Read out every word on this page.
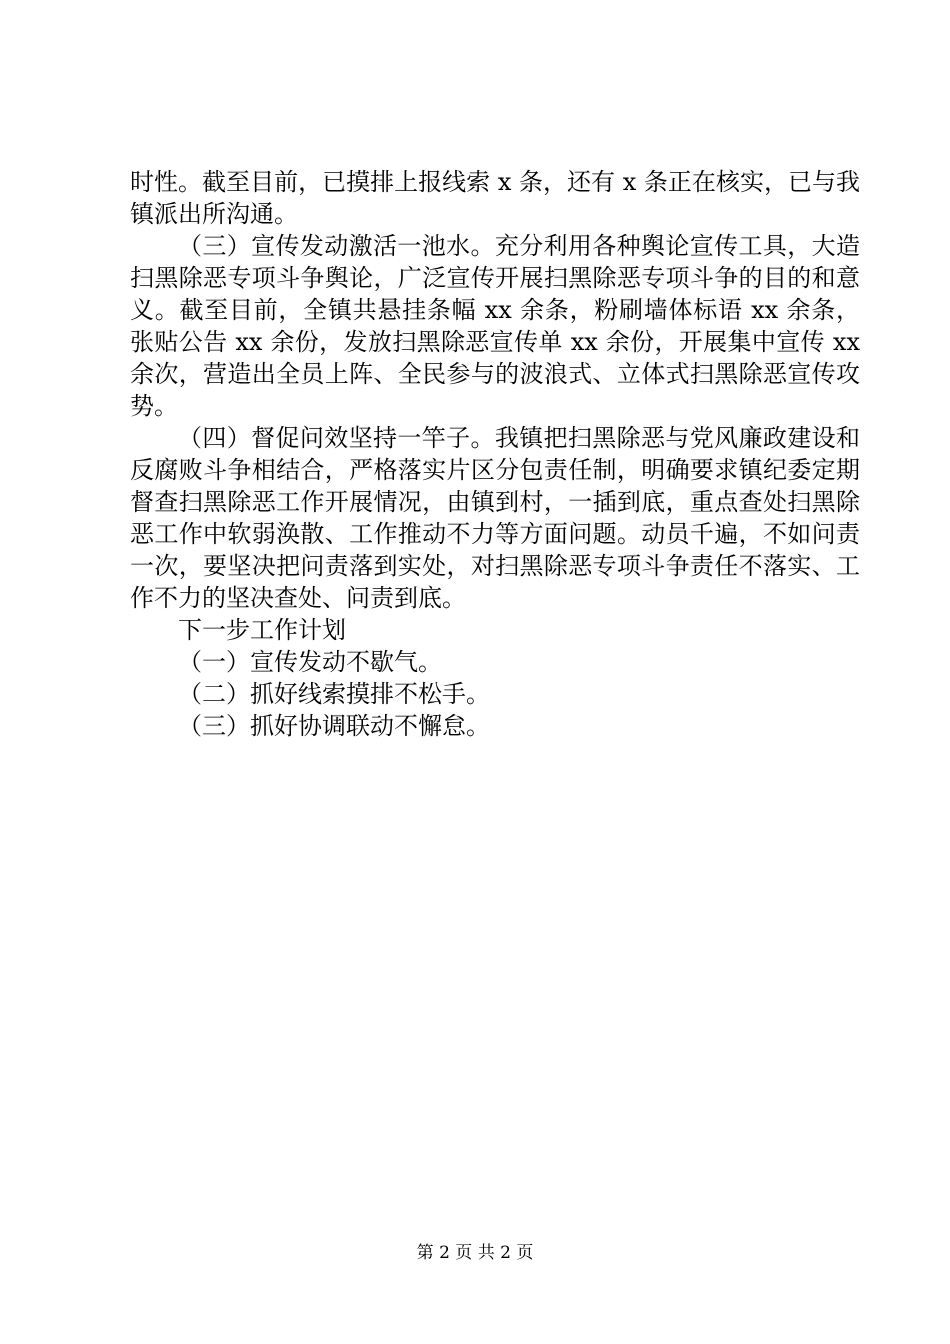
时性。截至目前，已摸排上报线索 x 条，还有 x 条正在核实，已与我镇派出所沟通。

（三）宣传发动激活一池水。充分利用各种舆论宣传工具，大造扫黑除恶专项斗争舆论，广泛宣传开展扫黑除恶专项斗争的目的和意义。截至目前，全镇共悬挂条幅 xx 余条，粉刷墙体标语 xx 余条，张贴公告 xx 余份，发放扫黑除恶宣传单 xx 余份，开展集中宣传 xx 余次，营造出全员上阵、全民参与的波浪式、立体式扫黑除恶宣传攻势。

（四）督促问效坚持一竿子。我镇把扫黑除恶与党风廉政建设和反腐败斗争相结合，严格落实片区分包责任制，明确要求镇纪委定期督查扫黑除恶工作开展情况，由镇到村，一插到底，重点查处扫黑除恶工作中软弱涣散、工作推动不力等方面问题。动员千遍，不如问责一次，要坚决把问责落到实处，对扫黑除恶专项斗争责任不落实、工作不力的坚决查处、问责到底。

下一步工作计划

（一）宣传发动不歇气。

（二）抓好线索摸排不松手。

（三）抓好协调联动不懈怠。

第 2 页 共 2 页
